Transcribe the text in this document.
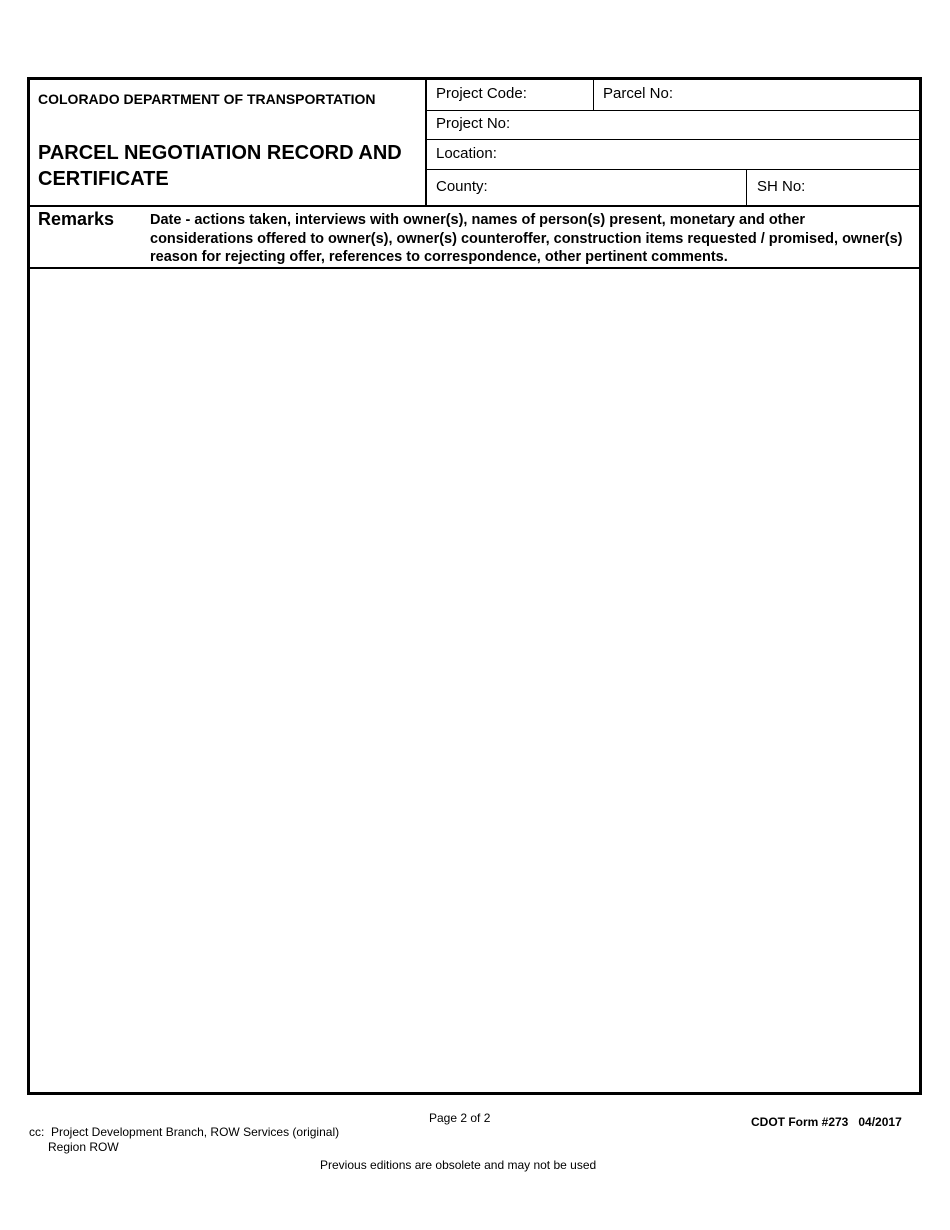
COLORADO DEPARTMENT OF TRANSPORTATION
PARCEL NEGOTIATION RECORD AND CERTIFICATE
Project Code:	Parcel No:
Project No:
Location:
County:	SH No:
Remarks Date - actions taken, interviews with owner(s), names of person(s) present, monetary and other considerations offered to owner(s), owner(s) counteroffer, construction items requested / promised, owner(s) reason for rejecting offer, references to correspondence, other pertinent comments.
Page 2 of 2	CDOT Form #273   04/2017
cc:  Project Development Branch, ROW Services (original)
Region ROW
Previous editions are obsolete and may not be used
